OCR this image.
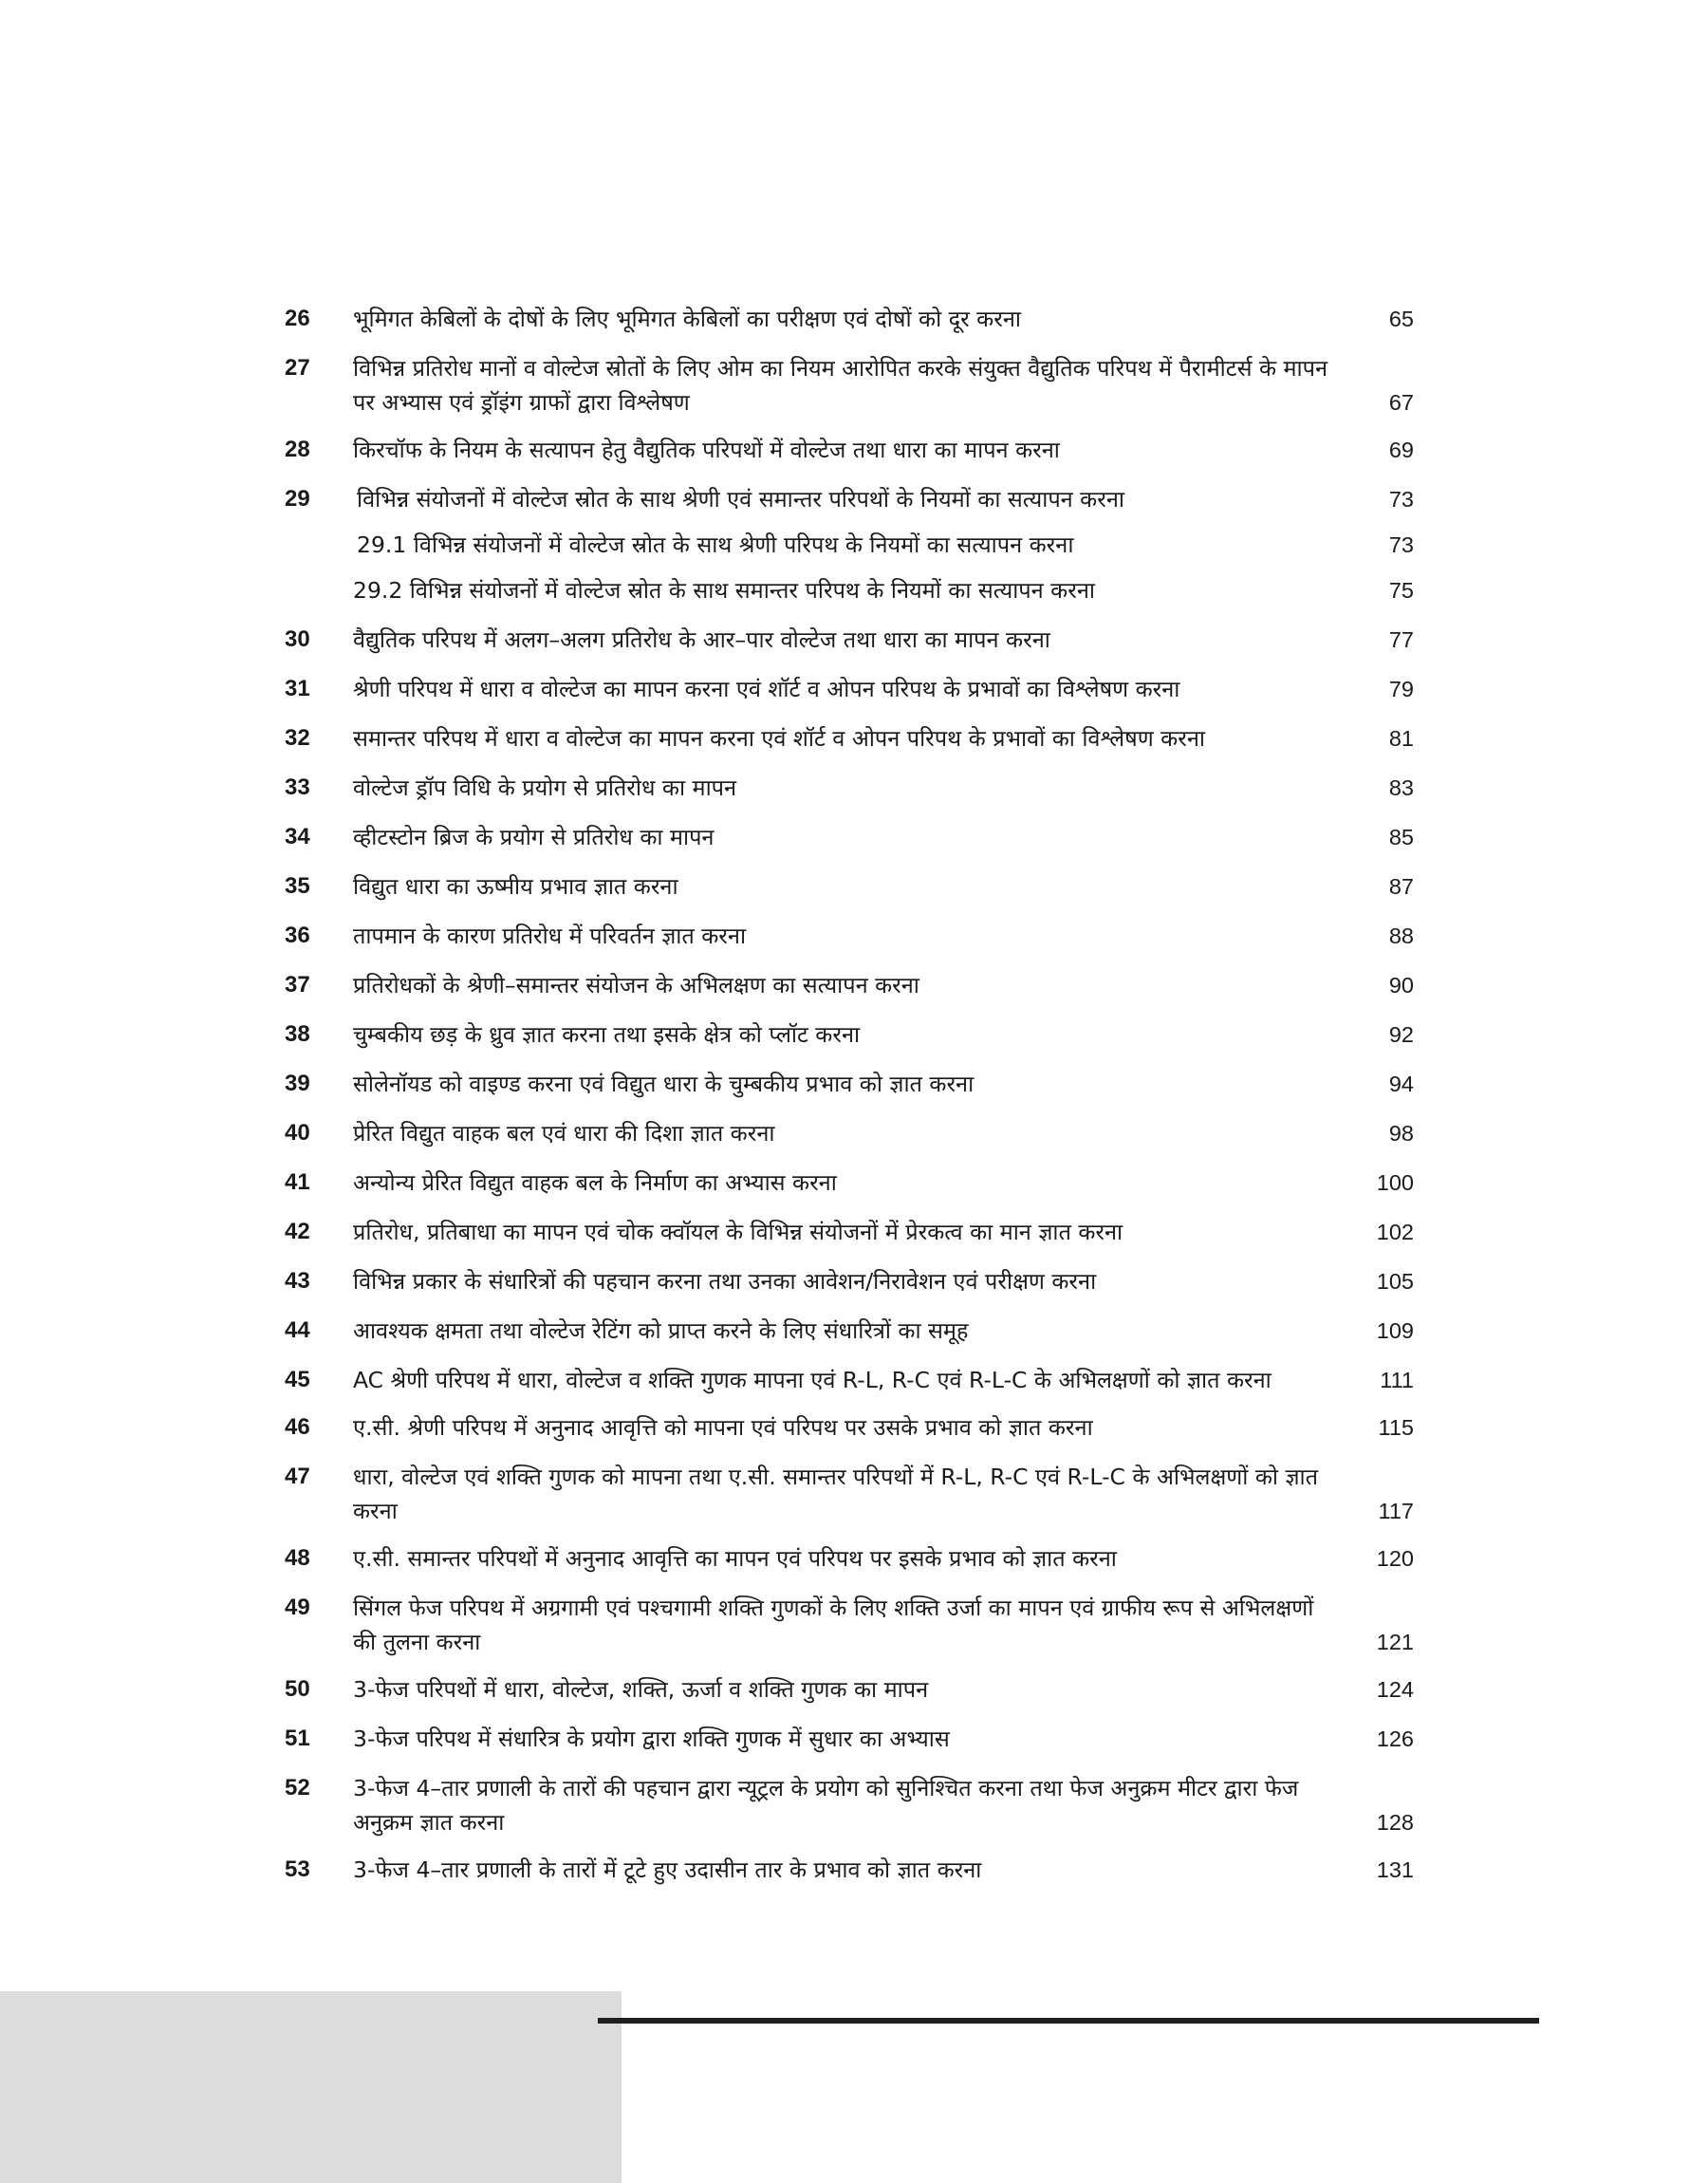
26	भूमिगत केबिलों के दोषों के लिए भूमिगत केबिलों का परीक्षण एवं दोषों को दूर करना	65
27	विभिन्न प्रतिरोध मानों व वोल्टेज स्रोतों के लिए ओम का नियम आरोपित करके संयुक्त वैद्युतिक परिपथ में पैरामीटर्स के मापन पर अभ्यास एवं ड्रॉइंग ग्राफों द्वारा विश्लेषण	67
28	किरचॉफ के नियम के सत्यापन हेतु वैद्युतिक परिपथों में वोल्टेज तथा धारा का मापन करना	69
29	विभिन्न संयोजनों में वोल्टेज स्रोत के साथ श्रेणी एवं समान्तर परिपथों के नियमों का सत्यापन करना	73
29.1 विभिन्न संयोजनों में वोल्टेज स्रोत के साथ श्रेणी परिपथ के नियमों का सत्यापन करना	73
29.2 विभिन्न संयोजनों में वोल्टेज स्रोत के साथ समान्तर परिपथ के नियमों का सत्यापन करना	75
30	वैद्युतिक परिपथ में अलग–अलग प्रतिरोध के आर–पार वोल्टेज तथा धारा का मापन करना	77
31	श्रेणी परिपथ में धारा व वोल्टेज का मापन करना एवं शॉर्ट व ओपन परिपथ के प्रभावों का विश्लेषण करना	79
32	समान्तर परिपथ में धारा व वोल्टेज का मापन करना एवं शॉर्ट व ओपन परिपथ के प्रभावों का विश्लेषण करना	81
33	वोल्टेज ड्रॉप विधि के प्रयोग से प्रतिरोध का मापन	83
34	व्हीटस्टोन ब्रिज के प्रयोग से प्रतिरोध का मापन	85
35	विद्युत धारा का ऊष्मीय प्रभाव ज्ञात करना	87
36	तापमान के कारण प्रतिरोध में परिवर्तन ज्ञात करना	88
37	प्रतिरोधकों के श्रेणी–समान्तर संयोजन के अभिलक्षण का सत्यापन करना	90
38	चुम्बकीय छड़ के ध्रुव ज्ञात करना तथा इसके क्षेत्र को प्लॉट करना	92
39	सोलेनॉयड को वाइण्ड करना एवं विद्युत धारा के चुम्बकीय प्रभाव को ज्ञात करना	94
40	प्रेरित विद्युत वाहक बल एवं धारा की दिशा ज्ञात करना	98
41	अन्योन्य प्रेरित विद्युत वाहक बल के निर्माण का अभ्यास करना	100
42	प्रतिरोध, प्रतिबाधा का मापन एवं चोक क्वॉयल के विभिन्न संयोजनों में प्रेरकत्व का मान ज्ञात करना	102
43	विभिन्न प्रकार के संधारित्रों की पहचान करना तथा उनका आवेशन/निरावेशन एवं परीक्षण करना	105
44	आवश्यक क्षमता तथा वोल्टेज रेटिंग को प्राप्त करने के लिए संधारित्रों का समूह	109
45	AC श्रेणी परिपथ में धारा, वोल्टेज व शक्ति गुणक मापना एवं R-L, R-C एवं R-L-C के अभिलक्षणों को ज्ञात करना	111
46	ए.सी. श्रेणी परिपथ में अनुनाद आवृत्ति को मापना एवं परिपथ पर उसके प्रभाव को ज्ञात करना	115
47	धारा, वोल्टेज एवं शक्ति गुणक को मापना तथा ए.सी. समान्तर परिपथों में R-L, R-C एवं R-L-C के अभिलक्षणों को ज्ञात करना	117
48	ए.सी. समान्तर परिपथों में अनुनाद आवृत्ति का मापन एवं परिपथ पर इसके प्रभाव को ज्ञात करना	120
49	सिंगल फेज परिपथ में अग्रगामी एवं पश्चगामी शक्ति गुणकों के लिए शक्ति उर्जा का मापन एवं ग्राफीय रूप से अभिलक्षणों की तुलना करना	121
50	3-फेज परिपथों में धारा, वोल्टेज, शक्ति, ऊर्जा व शक्ति गुणक का मापन	124
51	3-फेज परिपथ में संधारित्र के प्रयोग द्वारा शक्ति गुणक में सुधार का अभ्यास	126
52	3-फेज 4–तार प्रणाली के तारों की पहचान द्वारा न्यूट्रल के प्रयोग को सुनिश्चित करना तथा फेज अनुक्रम मीटर द्वारा फेज अनुक्रम ज्ञात करना	128
53	3-फेज 4–तार प्रणाली के तारों में टूटे हुए उदासीन तार के प्रभाव को ज्ञात करना	131
